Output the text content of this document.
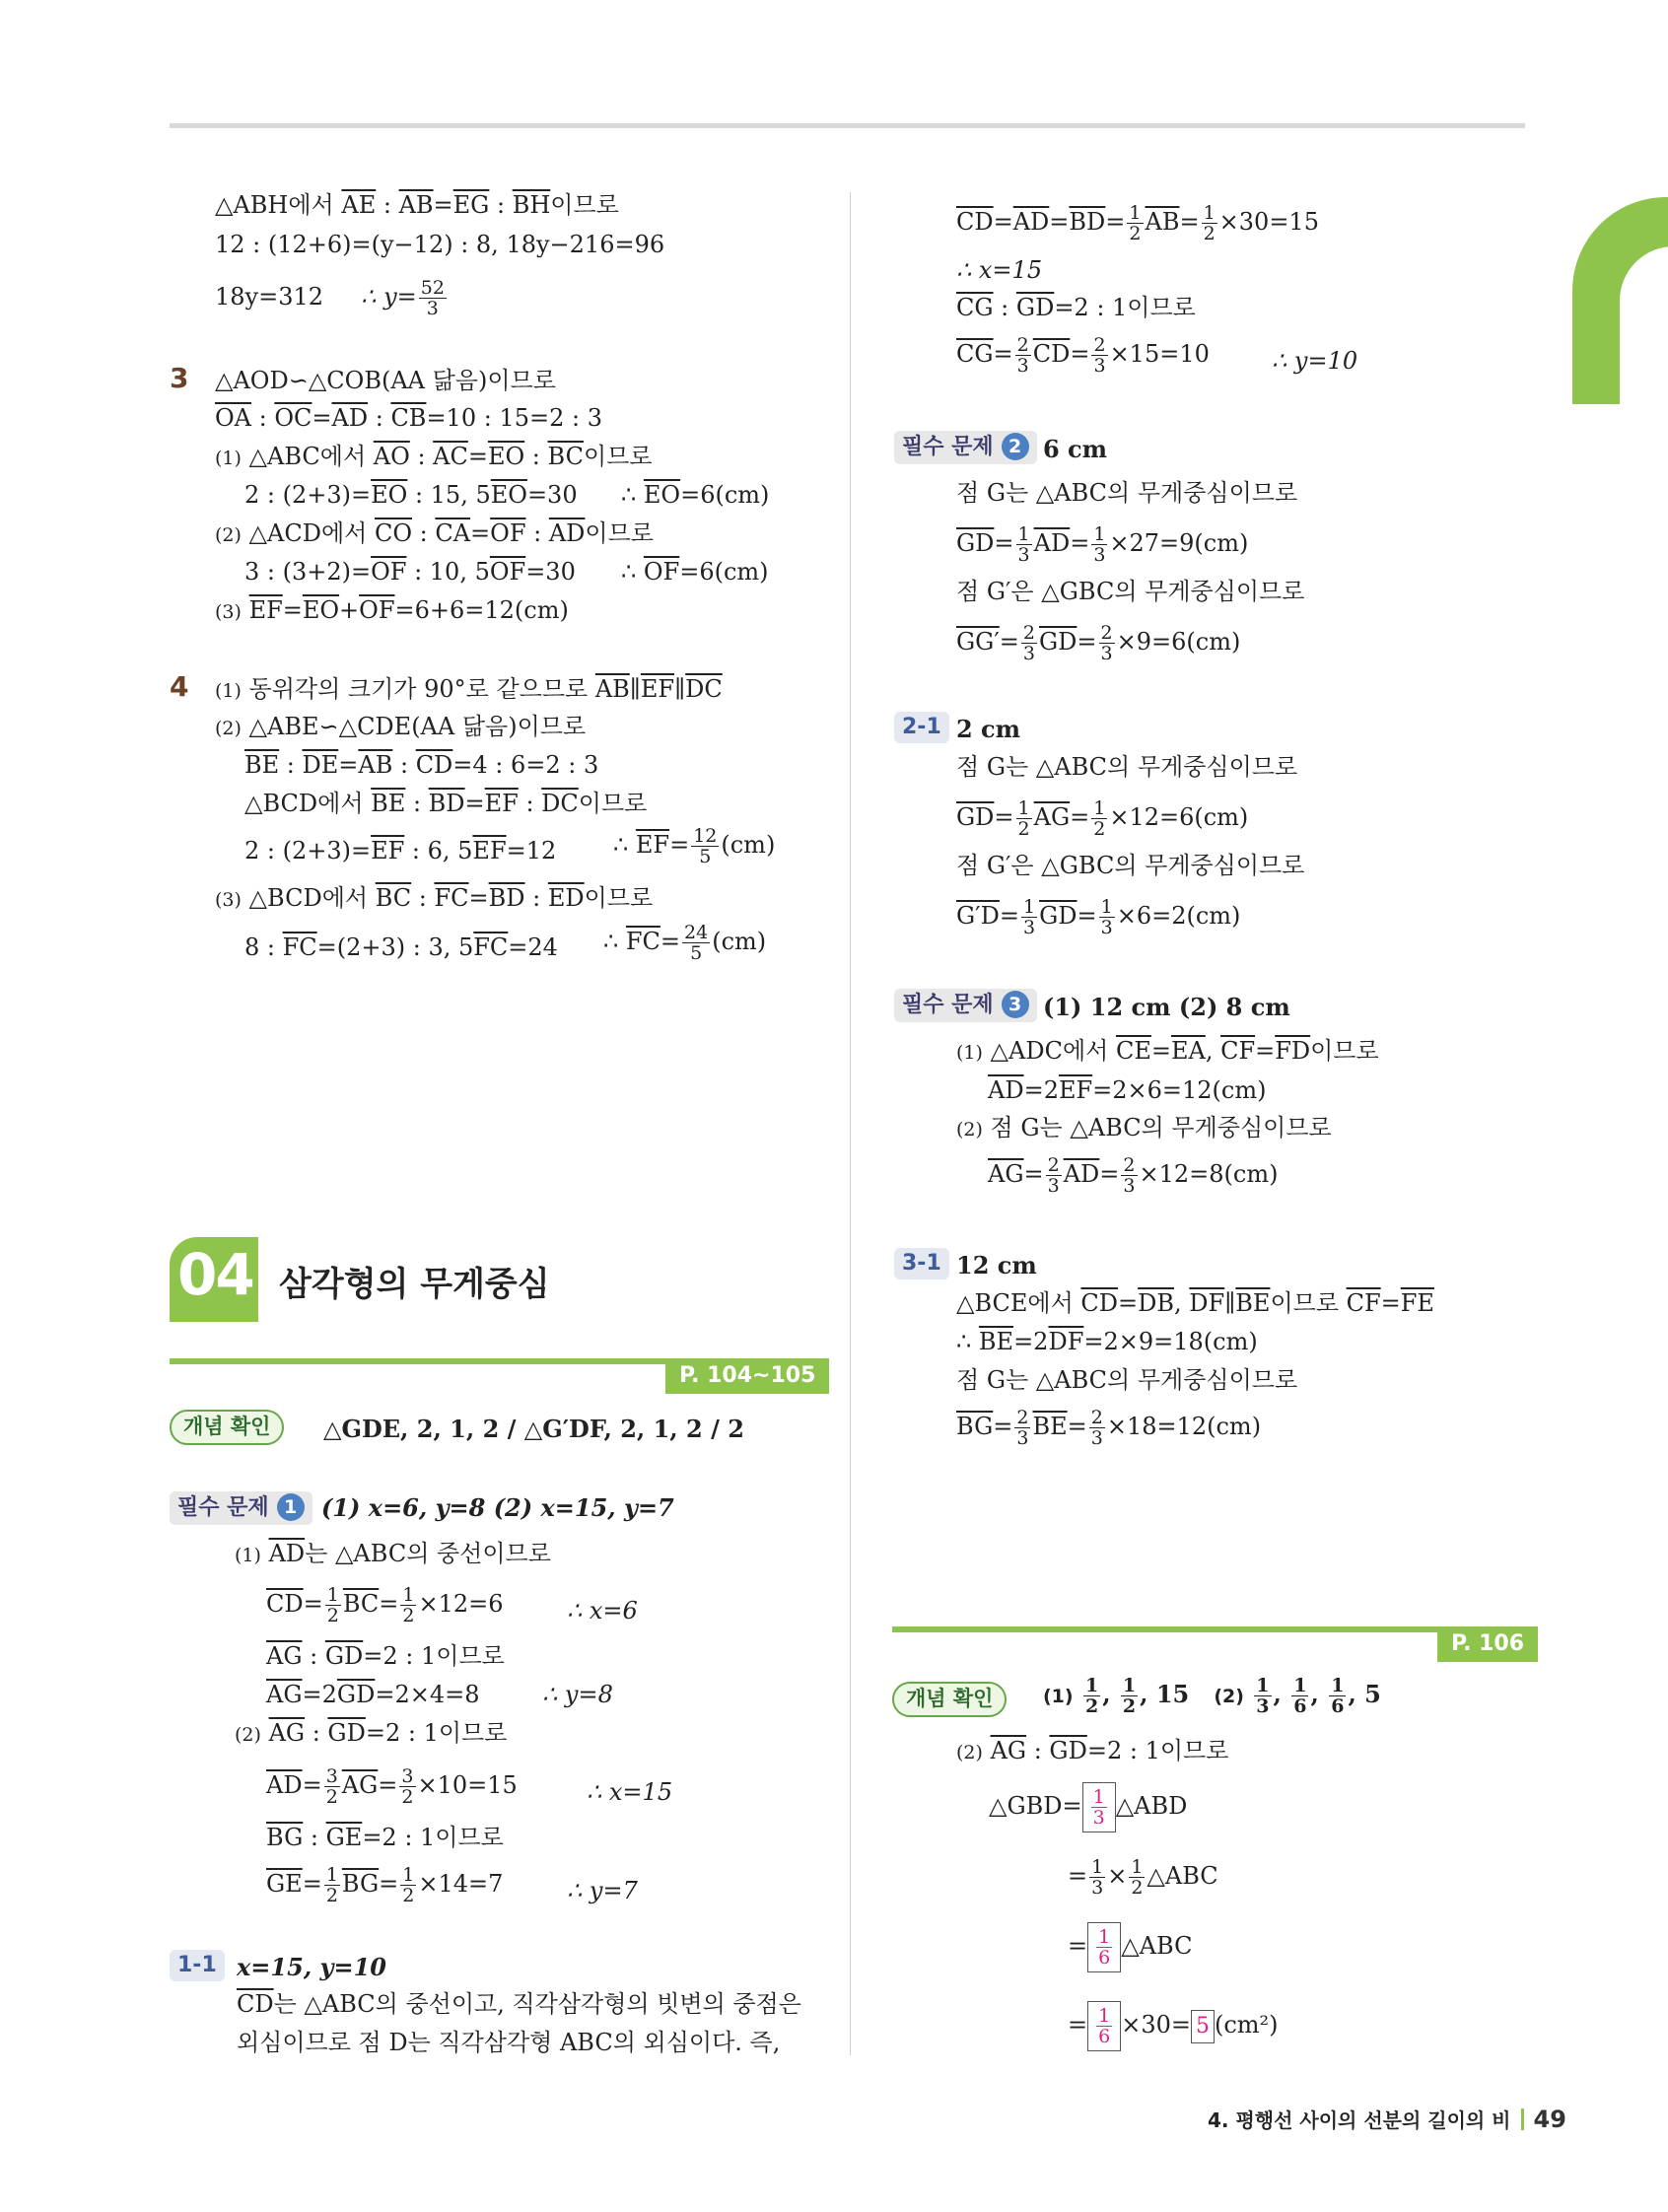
개념편
△ABH에서 $\overline{AE}$ : $\overline{AB}=\overline{EG}$ : $\overline{BH}$이므로
12 : (12+6)=(y−12) : 8, 18y−216=96
18y=312 ∴ $y= \frac{52}{3}$
3 △AOD∽△COB(AA 닮음)이므로
$\overline{OA}$ : $\overline{OC}=\overline{AD}$ : $\overline{CB}=10$ : 15=2 : 3
(1) △ABC에서 $\overline{AO}$ : $\overline{AC}=\overline{EO}$ : $\overline{BC}$이므로
2 : $(2+3)=\overline{EO}$ : 15, $5\overline{EO}=30$ ∴ $\overline{EO}=6(cm)$
(2) △ACD에서 $\overline{CO}$ : $\overline{CA}=\overline{OF}$ : $\overline{AD}$이므로
3 : $(3+2)=\overline{OF}$ : 10, $5\overline{OF}=30$ ∴ $\overline{OF}=6(cm)$
(3) $\overline{EF}=\overline{EO}+\overline{OF}=6+6=12(cm)$
4 (1) 동위각의 크기가 90°로 같으므로 $\overline{AB}\parallel\overline{EF}\parallel\overline{DC}$
(2) △ABE∽△CDE(AA 닮음)이므로
$\overline{BE}$ : $\overline{DE}=\overline{AB}$ : $\overline{CD}=4$ : 6=2 : 3
△BCD에서 $\overline{BE}$ : $\overline{BD}=\overline{EF}$ : $\overline{DC}$이므로
2 : $(2+3)=\overline{EF}$ : 6, $5\overline{EF}=12$ ∴ $\overline{EF}= \frac{12}{5} (cm)$
(3) △BCD에서 $\overline{BC}$ : $\overline{FC}=\overline{BD}$ : $\overline{ED}$이므로
8 : $\overline{FC}=(2+3)$ : 3, $5\overline{FC}=24$ ∴ $\overline{FC}= \frac{24}{5} (cm)$
04 삼각형의 무게중심
P. 104~105
개념 확인	△GDE, 2, 1, 2 / △G′DF, 2, 1, 2 / 2
필수 문제 1	(1) x=6, y=8 (2) x=15, y=7
(1) $\overline{AD}$는 △ABC의 중선이므로
$\overline{CD}= \frac{1}{2} \overline{BC}= \frac{1}{2} \times 12=6$	∴ x=6
$\overline{AG}$ : $\overline{GD}=2$ : 1이므로
$\overline{AG}=2\overline{GD}=2\times 4=8$	∴ y=8
(2) $\overline{AG}$ : $\overline{GD}=2$ : 1이므로
$\overline{AD}= \frac{3}{2} \overline{AG}= \frac{3}{2} \times 10=15$	∴ x=15
$\overline{BG}$ : $\overline{GE}=2$ : 1이므로
$\overline{GE}= \frac{1}{2} \overline{BG}= \frac{1}{2} \times 14=7$	∴ y=7
1-1 x=15, y=10
$\overline{CD}$는 △ABC의 중선이고, 직각삼각형의 빗변의 중점은
외심이므로 점 D는 직각삼각형 ABC의 외심이다. 즉,
$\overline{CD}=\overline{AD}=\overline{BD}= \frac{1}{2} \overline{AB}= \frac{1}{2} \times 30=15$
∴ x=15
$\overline{CG}$ : $\overline{GD}=2$ : 1이므로
$\overline{CG}= \frac{2}{3} \overline{CD}= \frac{2}{3} \times 15=10$	∴ y=10
필수 문제 2 6 cm
점 G는 △ABC의 무게중심이므로
$\overline{GD}= \frac{1}{3} \overline{AD}= \frac{1}{3} \times 27=9(cm)$
점 G′은 △GBC의 무게중심이므로
$GG'= \frac{2}{3} \overline{GD}= \frac{2}{3} \times 9=6(cm)$
2-1 2 cm
점 G는 △ABC의 무게중심이므로
$\overline{GD}= \frac{1}{2} \overline{AG}= \frac{1}{2} \times 12=6(cm)$
점 G′은 △GBC의 무게중심이므로
$G'D= \frac{1}{3} \overline{GD}= \frac{1}{3} \times 6=2(cm)$
필수 문제 3 (1) 12 cm (2) 8 cm
(1) △ADC에서 $\overline{CE}=\overline{EA}$, $\overline{CF}=\overline{FD}$이므로
$\overline{AD}=2\overline{EF}=2\times 6=12(cm)$
(2) 점 G는 △ABC의 무게중심이므로
$\overline{AG}= \frac{2}{3} \overline{AD}= \frac{2}{3} \times 12=8(cm)$
3-1 12 cm
△BCE에서 $\overline{CD}=\overline{DB}$, $\overline{DF}\parallel\overline{BE}$이므로 $\overline{CF}=\overline{FE}$
∴ $\overline{BE}=2\overline{DF}=2\times 9=18(cm)$
점 G는 △ABC의 무게중심이므로
$\overline{BG}= \frac{2}{3} \overline{BE}= \frac{2}{3} \times 18=12(cm)$
P. 106
개념 확인	$(1) \frac{1}{2}$ , $\frac{1}{2}$ , 15 $(2) \frac{1}{3}$ , $\frac{1}{6}$ , $\frac{1}{6}$ , 5
(2) $\overline{AG}$ : $\overline{GD}=2$ : 1이므로
△GBD= $\frac{1}{3}$ △ABD
= $\frac{1}{3} \times \frac{1}{2}$ △ABC
= $\frac{1}{6}$ △ABC
= $\frac{1}{6} \times 30= 5$ (cm²)
4. 평행선 사이의 선분의 길이의 비 49
